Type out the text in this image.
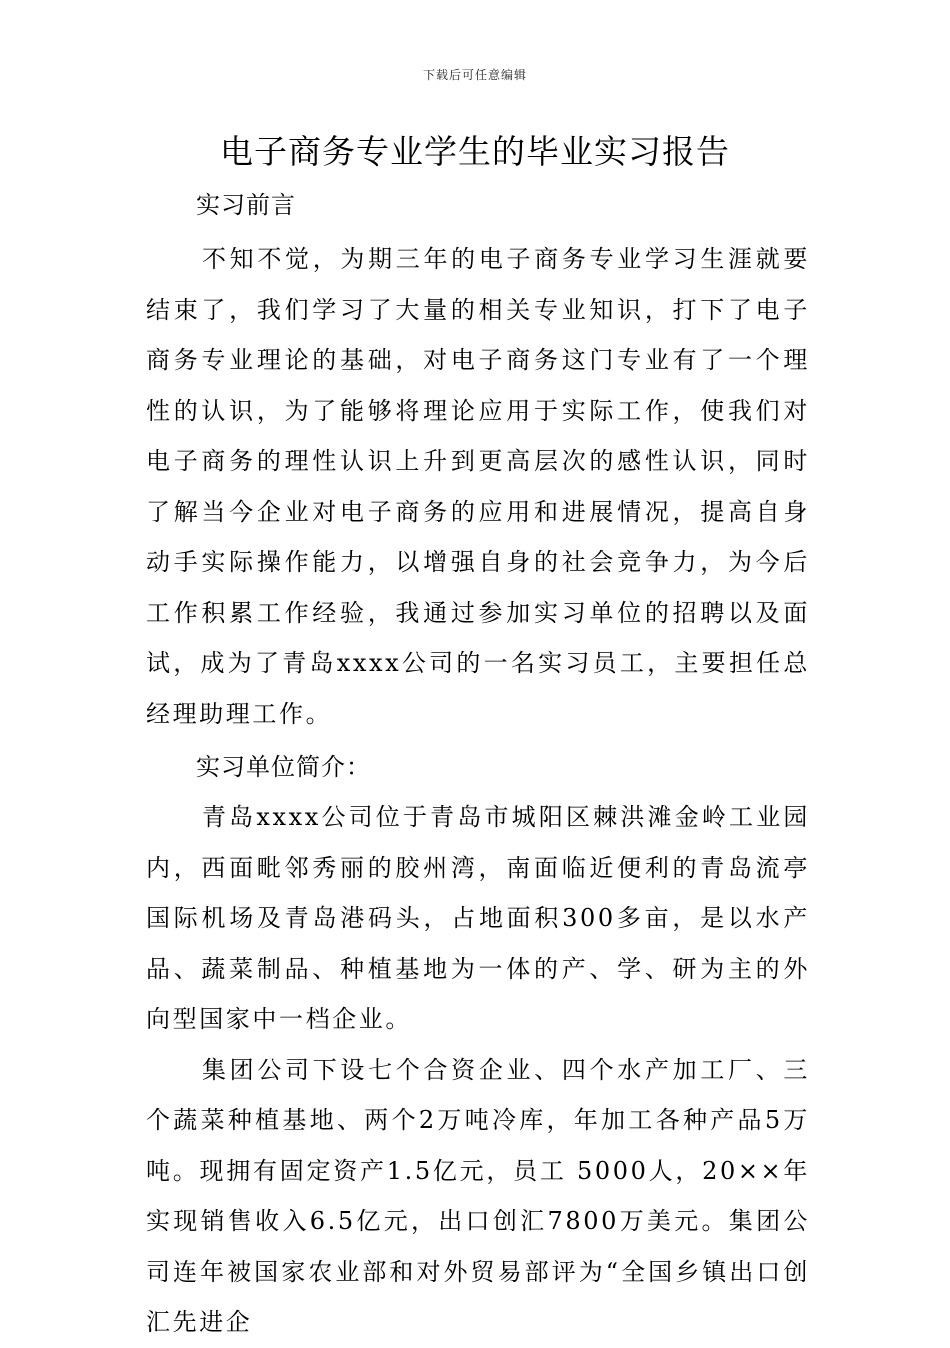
下载后可任意编辑
电子商务专业学生的毕业实习报告

实习前言

不知不觉，为期三年的电子商务专业学习生涯就要结束了，我们学习了大量的相关专业知识，打下了电子商务专业理论的基础，对电子商务这门专业有了一个理性的认识，为了能够将理论应用于实际工作，使我们对电子商务的理性认识上升到更高层次的感性认识，同时了解当今企业对电子商务的应用和进展情况，提高自身动手实际操作能力，以增强自身的社会竞争力，为今后工作积累工作经验，我通过参加实习单位的招聘以及面试，成为了青岛xxxx公司的一名实习员工，主要担任总经理助理工作。

实习单位简介：

青岛xxxx公司位于青岛市城阳区棘洪滩金岭工业园内，西面毗邻秀丽的胶州湾，南面临近便利的青岛流亭国际机场及青岛港码头，占地面积300多亩，是以水产品、蔬菜制品、种植基地为一体的产、学、研为主的外向型国家中一档企业。

集团公司下设七个合资企业、四个水产加工厂、三个蔬菜种植基地、两个2万吨冷库，年加工各种产品5万吨。现拥有固定资产1.5亿元，员工 5000人，20××年实现销售收入6.5亿元，出口创汇7800万美元。集团公司连年被国家农业部和对外贸易部评为“全国乡镇出口创汇先进企
